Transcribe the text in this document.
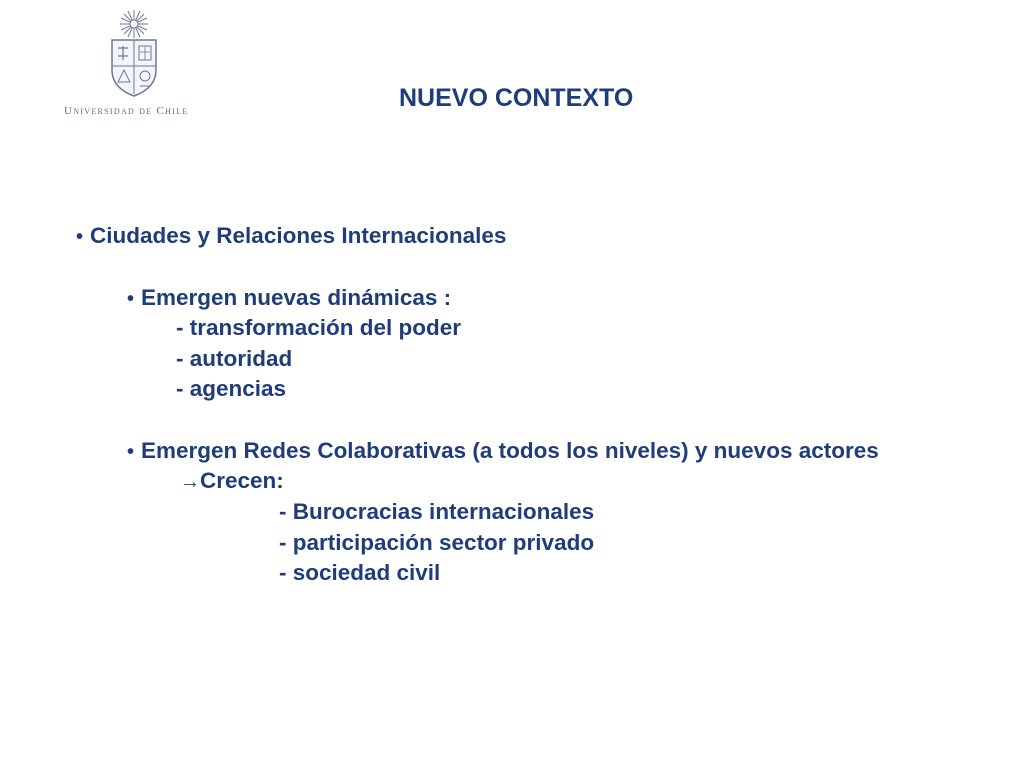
Universidad de Chile	NUEVO CONTEXTO
• Ciudades y Relaciones Internacionales
• Emergen nuevas dinámicas :
- transformación del poder
- autoridad
- agencias
• Emergen Redes Colaborativas (a todos los niveles) y nuevos actores
→Crecen:
- Burocracias internacionales
- participación sector privado
- sociedad civil
